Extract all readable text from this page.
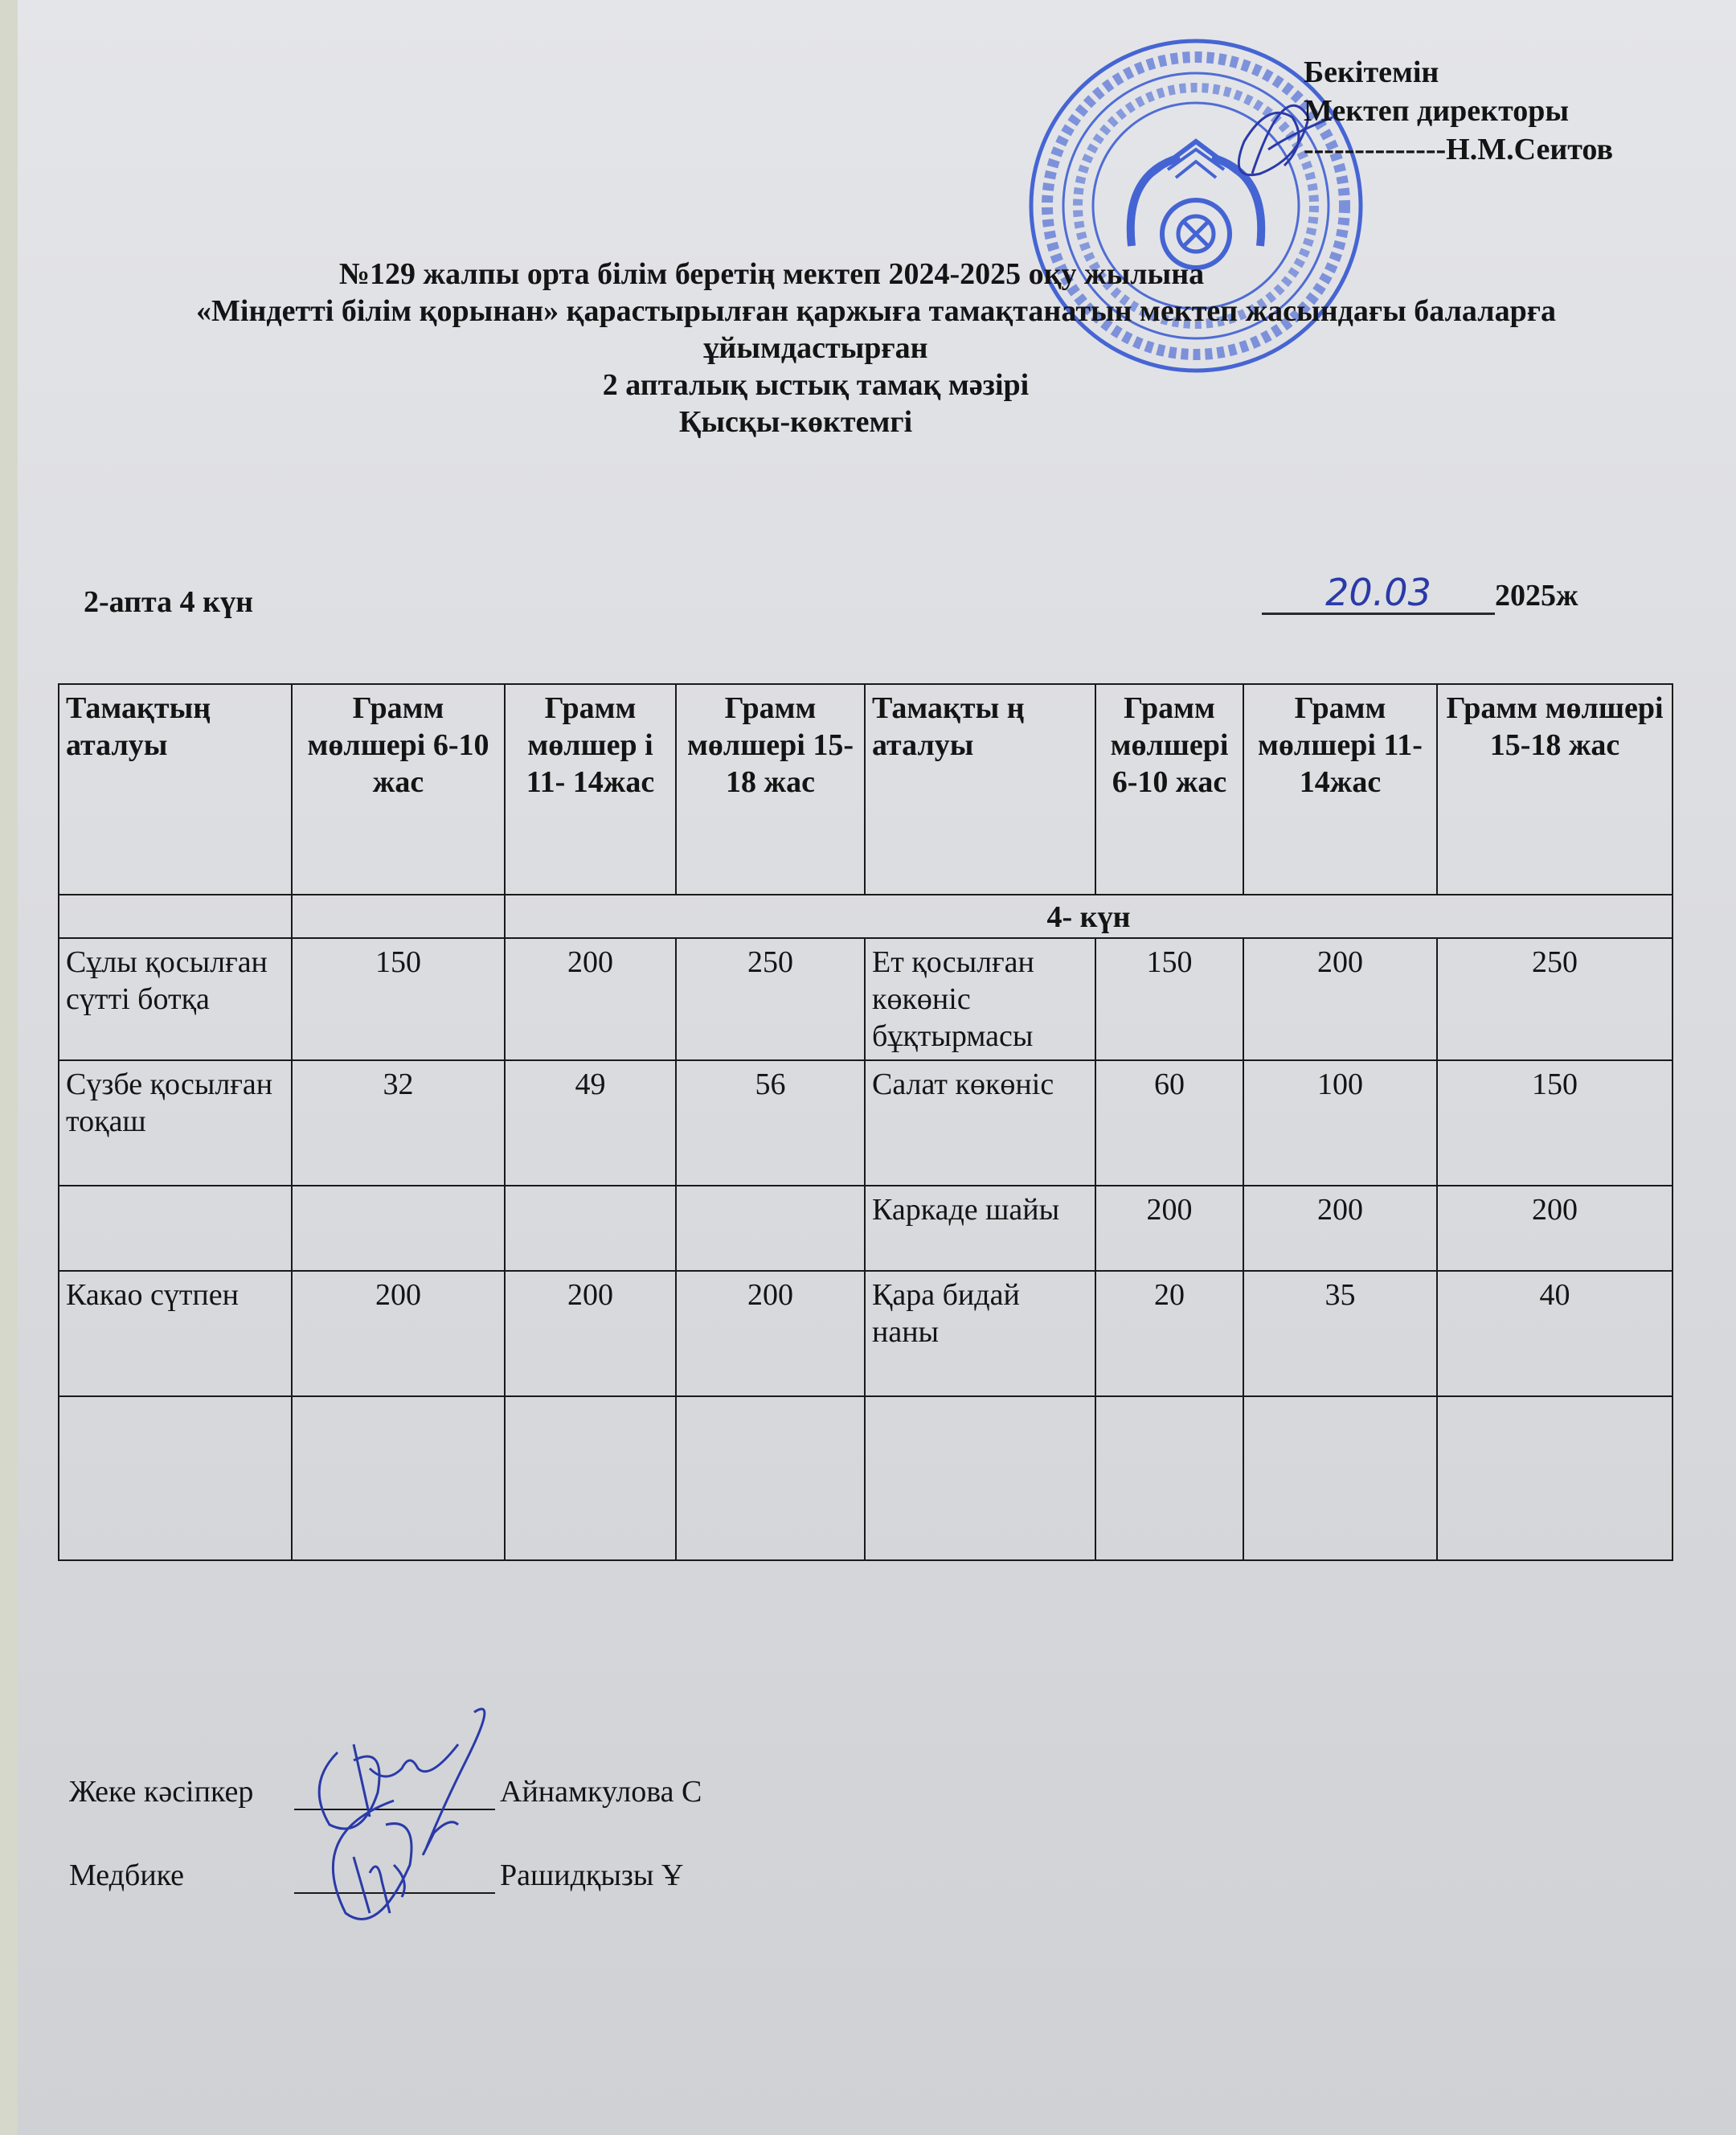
Бекітемін
Мектеп директоры
--------------Н.М.Сеитов
№129 жалпы орта білім беретің мектеп 2024-2025 оқу жылына
«Міндетті білім қорынан» қарастырылған қаржыға тамақтанатын мектеп жасындағы балаларға
ұйымдастырған
2 апталық ыстық тамақ мәзірі
Қысқы-көктемгі
2-апта 4 күн	20.03 2025ж
Тамақтың аталуы	Грамм мөлшері 6-10 жас	Грамм мөлшер і 11- 14жас	Грамм мөлшері 15-18 жас	Тамақты ң аталуы	Грамм мөлшері 6-10 жас	Грамм мөлшері 11-14жас	Грамм мөлшері 15-18 жас
		4- күн					
Сұлы қосылған сүтті ботқа	150	200	250	Ет қосылған көкөніс бұқтырмасы	150	200	250
Сүзбе қосылған тоқаш	32	49	56	Салат көкөніс	60	100	150
				Каркаде шайы	200	200	200
Какао сүтпен	200	200	200	Қара бидай наны	20	35	40

Жеке кәсіпкер	Айнамкулова С
Медбике	Рашидқызы Ұ
